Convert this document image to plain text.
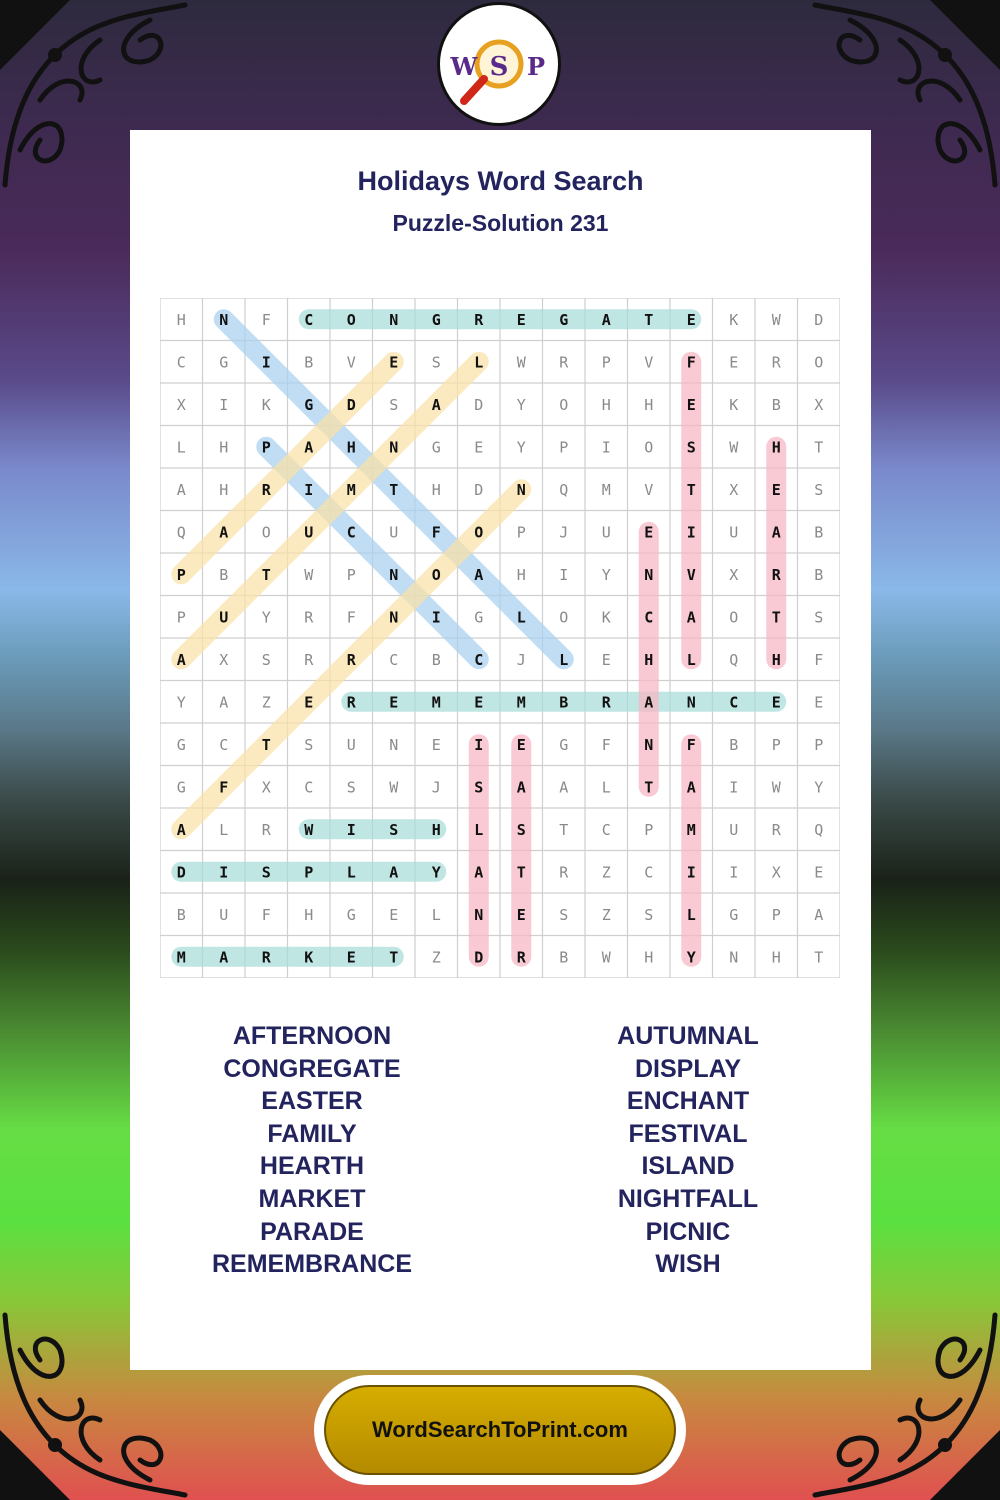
W S P
Holidays Word Search
Puzzle-Solution 231
H N F C O N G R E G A T E K W D
C G I B V E S L W R P V F E R O
X I K G D S A D Y O H H E K B X
L H P A H N G E Y P I O S W H T
A H R I M T H D N Q M V T X E S
Q A O U C U F O P J U E I U A B
P B T W P N O A H I Y N V X R B
P U Y R F N I G L O K C A O T S
A X S R R C B C J L E H L Q H F
Y A Z E R E M E M B R A N C E E
G C T S U N E I E G F N F B P P
G F X C S W J S A A L T A I W Y
A L R W I S H L S T C P M U R Q
D I S P L A Y A T R Z C I I X E
B U F H G E L N E S Z S L G P A
M A R K E T Z D R B W H Y N H T
AFTERNOON
CONGREGATE
EASTER
FAMILY
HEARTH
MARKET
PARADE
REMEMBRANCE
AUTUMNAL
DISPLAY
ENCHANT
FESTIVAL
ISLAND
NIGHTFALL
PICNIC
WISH
WordSearchToPrint.com
